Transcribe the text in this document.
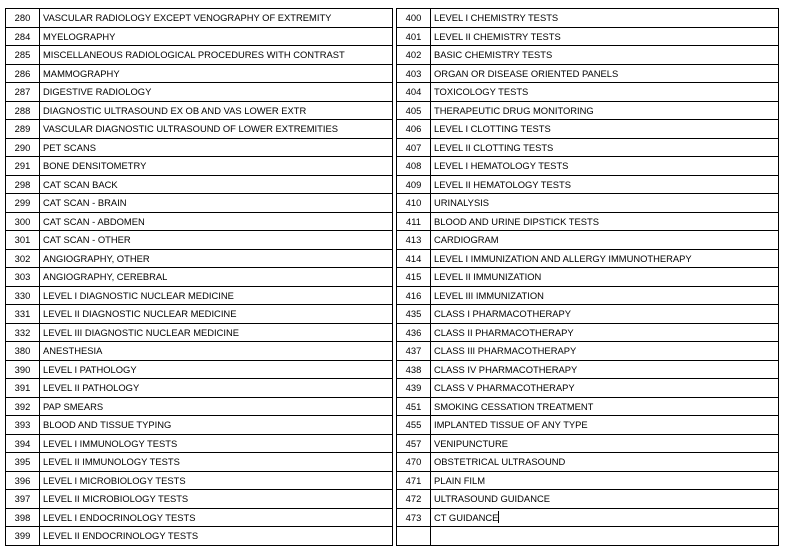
280	VASCULAR RADIOLOGY EXCEPT VENOGRAPHY OF EXTREMITY		400	LEVEL I CHEMISTRY TESTS
284	MYELOGRAPHY		401	LEVEL II CHEMISTRY TESTS
285	MISCELLANEOUS RADIOLOGICAL PROCEDURES WITH CONTRAST		402	BASIC CHEMISTRY TESTS
286	MAMMOGRAPHY		403	ORGAN OR DISEASE ORIENTED PANELS
287	DIGESTIVE RADIOLOGY		404	TOXICOLOGY TESTS
288	DIAGNOSTIC ULTRASOUND EX OB AND VAS LOWER EXTR		405	THERAPEUTIC DRUG MONITORING
289	VASCULAR DIAGNOSTIC ULTRASOUND OF LOWER EXTREMITIES		406	LEVEL I CLOTTING TESTS
290	PET SCANS		407	LEVEL II CLOTTING TESTS
291	BONE DENSITOMETRY		408	LEVEL I HEMATOLOGY TESTS
298	CAT SCAN BACK		409	LEVEL II HEMATOLOGY TESTS
299	CAT SCAN - BRAIN		410	URINALYSIS
300	CAT SCAN - ABDOMEN		411	BLOOD AND URINE DIPSTICK TESTS
301	CAT SCAN - OTHER		413	CARDIOGRAM
302	ANGIOGRAPHY, OTHER		414	LEVEL I IMMUNIZATION AND ALLERGY IMMUNOTHERAPY
303	ANGIOGRAPHY, CEREBRAL		415	LEVEL II IMMUNIZATION
330	LEVEL I DIAGNOSTIC NUCLEAR MEDICINE		416	LEVEL III IMMUNIZATION
331	LEVEL II DIAGNOSTIC NUCLEAR MEDICINE		435	CLASS I PHARMACOTHERAPY
332	LEVEL III DIAGNOSTIC NUCLEAR MEDICINE		436	CLASS II PHARMACOTHERAPY
380	ANESTHESIA		437	CLASS III PHARMACOTHERAPY
390	LEVEL I PATHOLOGY		438	CLASS IV PHARMACOTHERAPY
391	LEVEL II PATHOLOGY		439	CLASS V PHARMACOTHERAPY
392	PAP SMEARS		451	SMOKING CESSATION TREATMENT
393	BLOOD AND TISSUE TYPING		455	IMPLANTED TISSUE OF ANY TYPE
394	LEVEL I IMMUNOLOGY TESTS		457	VENIPUNCTURE
395	LEVEL II IMMUNOLOGY TESTS		470	OBSTETRICAL ULTRASOUND
396	LEVEL I MICROBIOLOGY TESTS		471	PLAIN FILM
397	LEVEL II MICROBIOLOGY TESTS		472	ULTRASOUND GUIDANCE
398	LEVEL I ENDOCRINOLOGY TESTS		473	CT GUIDANCE
399	LEVEL II ENDOCRINOLOGY TESTS			
